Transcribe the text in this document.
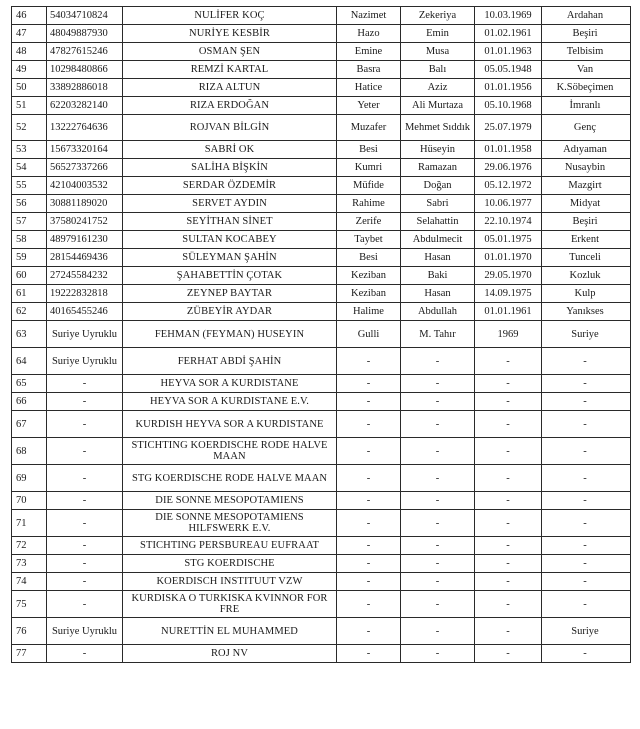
46	54034710824	NULİFER KOÇ	Nazimet	Zekeriya	10.03.1969	Ardahan
47	48049887930	NURİYE KESBİR	Hazo	Emin	01.02.1961	Beşiri
48	47827615246	OSMAN ŞEN	Emine	Musa	01.01.1963	Telbisim
49	10298480866	REMZİ KARTAL	Basra	Balı	05.05.1948	Van
50	33892886018	RIZA ALTUN	Hatice	Aziz	01.01.1956	K.Söbeçimen
51	62203282140	RIZA ERDOĞAN	Yeter	Ali Murtaza	05.10.1968	İmranlı
52	13222764636	ROJVAN BİLGİN	Muzafer	Mehmet Sıddık	25.07.1979	Genç
53	15673320164	SABRİ OK	Besi	Hüseyin	01.01.1958	Adıyaman
54	56527337266	SALİHA BİŞKİN	Kumri	Ramazan	29.06.1976	Nusaybin
55	42104003532	SERDAR ÖZDEMİR	Müfide	Doğan	05.12.1972	Mazgirt
56	30881189020	SERVET AYDIN	Rahime	Sabri	10.06.1977	Midyat
57	37580241752	SEYİTHAN SİNET	Zerife	Selahattin	22.10.1974	Beşiri
58	48979161230	SULTAN KOCABEY	Taybet	Abdulmecit	05.01.1975	Erkent
59	28154469436	SÜLEYMAN ŞAHİN	Besi	Hasan	01.01.1970	Tunceli
60	27245584232	ŞAHABETTİN ÇOTAK	Keziban	Baki	29.05.1970	Kozluk
61	19222832818	ZEYNEP BAYTAR	Keziban	Hasan	14.09.1975	Kulp
62	40165455246	ZÜBEYİR AYDAR	Halime	Abdullah	01.01.1961	Yanıkses
63	Suriye Uyruklu	FEHMAN (FEYMAN) HUSEYIN	Gulli	M. Tahır	1969	Suriye
64	Suriye Uyruklu	FERHAT ABDİ ŞAHİN	-	-	-	-
65	-	HEYVA SOR A KURDISTANE	-	-	-	-
66	-	HEYVA SOR A KURDISTANE E.V.	-	-	-	-
67	-	KURDISH HEYVA SOR A KURDISTANE	-	-	-	-
68	-	STICHTING KOERDISCHE RODE HALVE MAAN	-	-	-	-
69	-	STG KOERDISCHE RODE HALVE MAAN	-	-	-	-
70	-	DIE SONNE MESOPOTAMIENS	-	-	-	-
71	-	DIE SONNE MESOPOTAMIENS HILFSWERK E.V.	-	-	-	-
72	-	STICHTING PERSBUREAU EUFRAAT	-	-	-	-
73	-	STG KOERDISCHE	-	-	-	-
74	-	KOERDISCH INSTITUUT VZW	-	-	-	-
75	-	KURDISKA O TURKISKA KVINNOR FOR FRE	-	-	-	-
76	Suriye Uyruklu	NURETTİN EL MUHAMMED	-	-	-	Suriye
77	-	ROJ NV	-	-	-	-
